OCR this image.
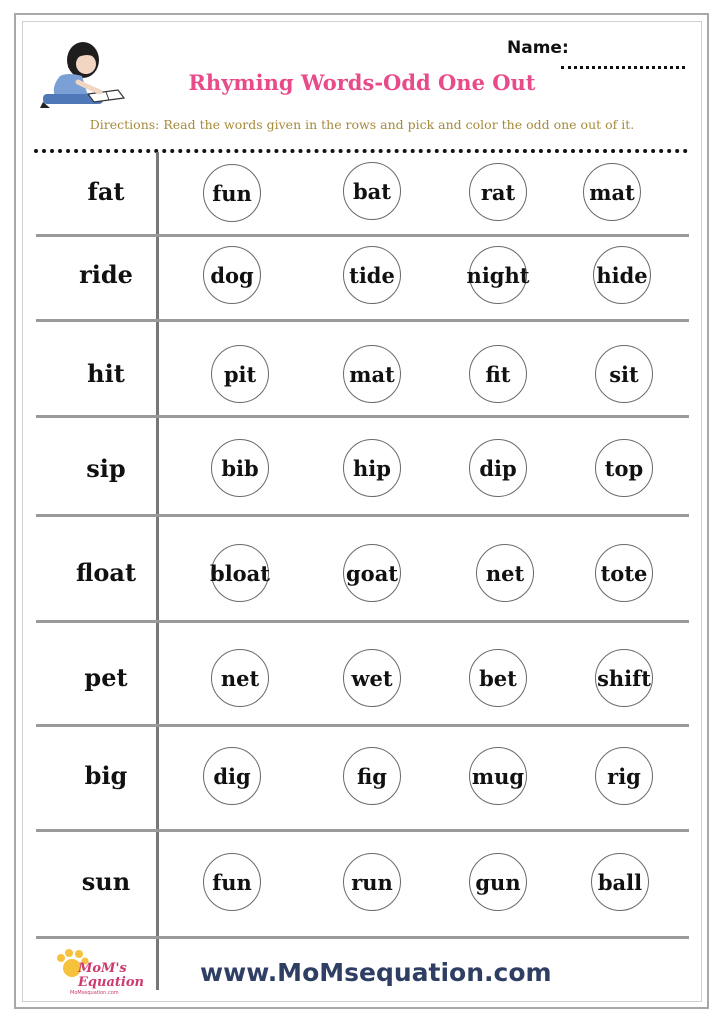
Name:
Rhyming Words-Odd One Out
Directions: Read the words given in the rows and pick and color the odd one out of it.
fat	fun	bat	rat	mat
ride	dog	tide	night	hide
hit	pit	mat	fit	sit
sip	bib	hip	dip	top
float	bloat	goat	net	tote
pet	net	wet	bet	shift
big	dig	fig	mug	rig
sun	fun	run	gun	ball
MoM's
Equation
MoMsequation.com
www.MoMsequation.com
